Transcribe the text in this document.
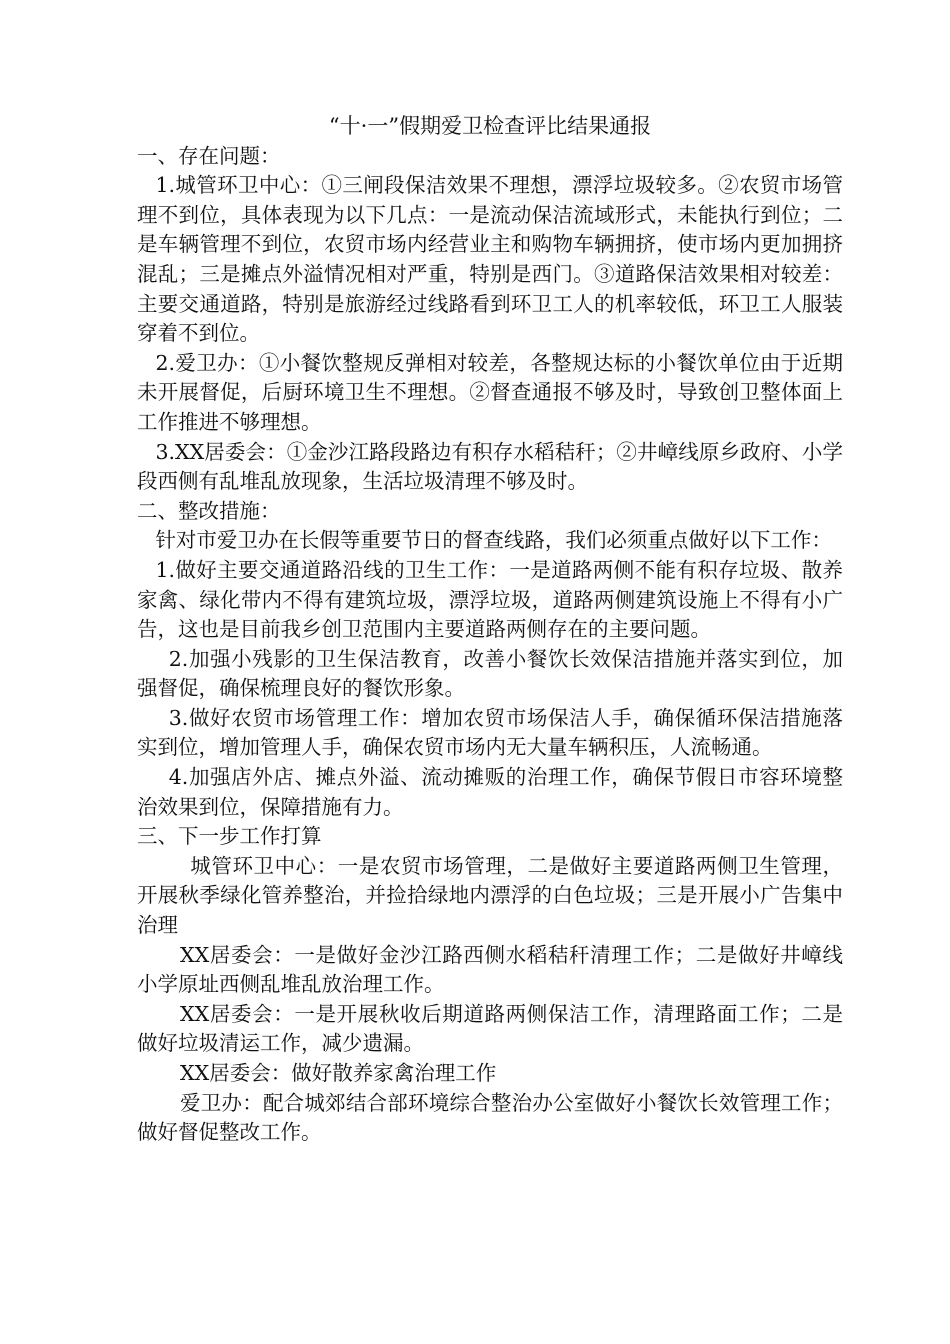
“十·一”假期爱卫检查评比结果通报

一、存在问题：

1.城管环卫中心：①三闸段保洁效果不理想，漂浮垃圾较多。②农贸市场管理不到位，具体表现为以下几点：一是流动保洁流域形式，未能执行到位；二是车辆管理不到位，农贸市场内经营业主和购物车辆拥挤，使市场内更加拥挤混乱；三是摊点外溢情况相对严重，特别是西门。③道路保洁效果相对较差：主要交通道路，特别是旅游经过线路看到环卫工人的机率较低，环卫工人服装穿着不到位。

2.爱卫办：①小餐饮整规反弹相对较差，各整规达标的小餐饮单位由于近期未开展督促，后厨环境卫生不理想。②督查通报不够及时，导致创卫整体面上工作推进不够理想。

3.XX居委会：①金沙江路段路边有积存水稻秸秆；②井嶂线原乡政府、小学段西侧有乱堆乱放现象，生活垃圾清理不够及时。

二、整改措施：

针对市爱卫办在长假等重要节日的督查线路，我们必须重点做好以下工作：

1.做好主要交通道路沿线的卫生工作：一是道路两侧不能有积存垃圾、散养家禽、绿化带内不得有建筑垃圾，漂浮垃圾，道路两侧建筑设施上不得有小广告，这也是目前我乡创卫范围内主要道路两侧存在的主要问题。

2.加强小残影的卫生保洁教育，改善小餐饮长效保洁措施并落实到位，加强督促，确保梳理良好的餐饮形象。

3.做好农贸市场管理工作：增加农贸市场保洁人手，确保循环保洁措施落实到位，增加管理人手，确保农贸市场内无大量车辆积压，人流畅通。

4.加强店外店、摊点外溢、流动摊贩的治理工作，确保节假日市容环境整治效果到位，保障措施有力。

三、下一步工作打算

城管环卫中心：一是农贸市场管理，二是做好主要道路两侧卫生管理，开展秋季绿化管养整治，并捡拾绿地内漂浮的白色垃圾；三是开展小广告集中治理

XX居委会：一是做好金沙江路西侧水稻秸秆清理工作；二是做好井嶂线小学原址西侧乱堆乱放治理工作。

XX居委会：一是开展秋收后期道路两侧保洁工作，清理路面工作；二是做好垃圾清运工作，减少遗漏。

XX居委会：做好散养家禽治理工作

爱卫办：配合城郊结合部环境综合整治办公室做好小餐饮长效管理工作；做好督促整改工作。
